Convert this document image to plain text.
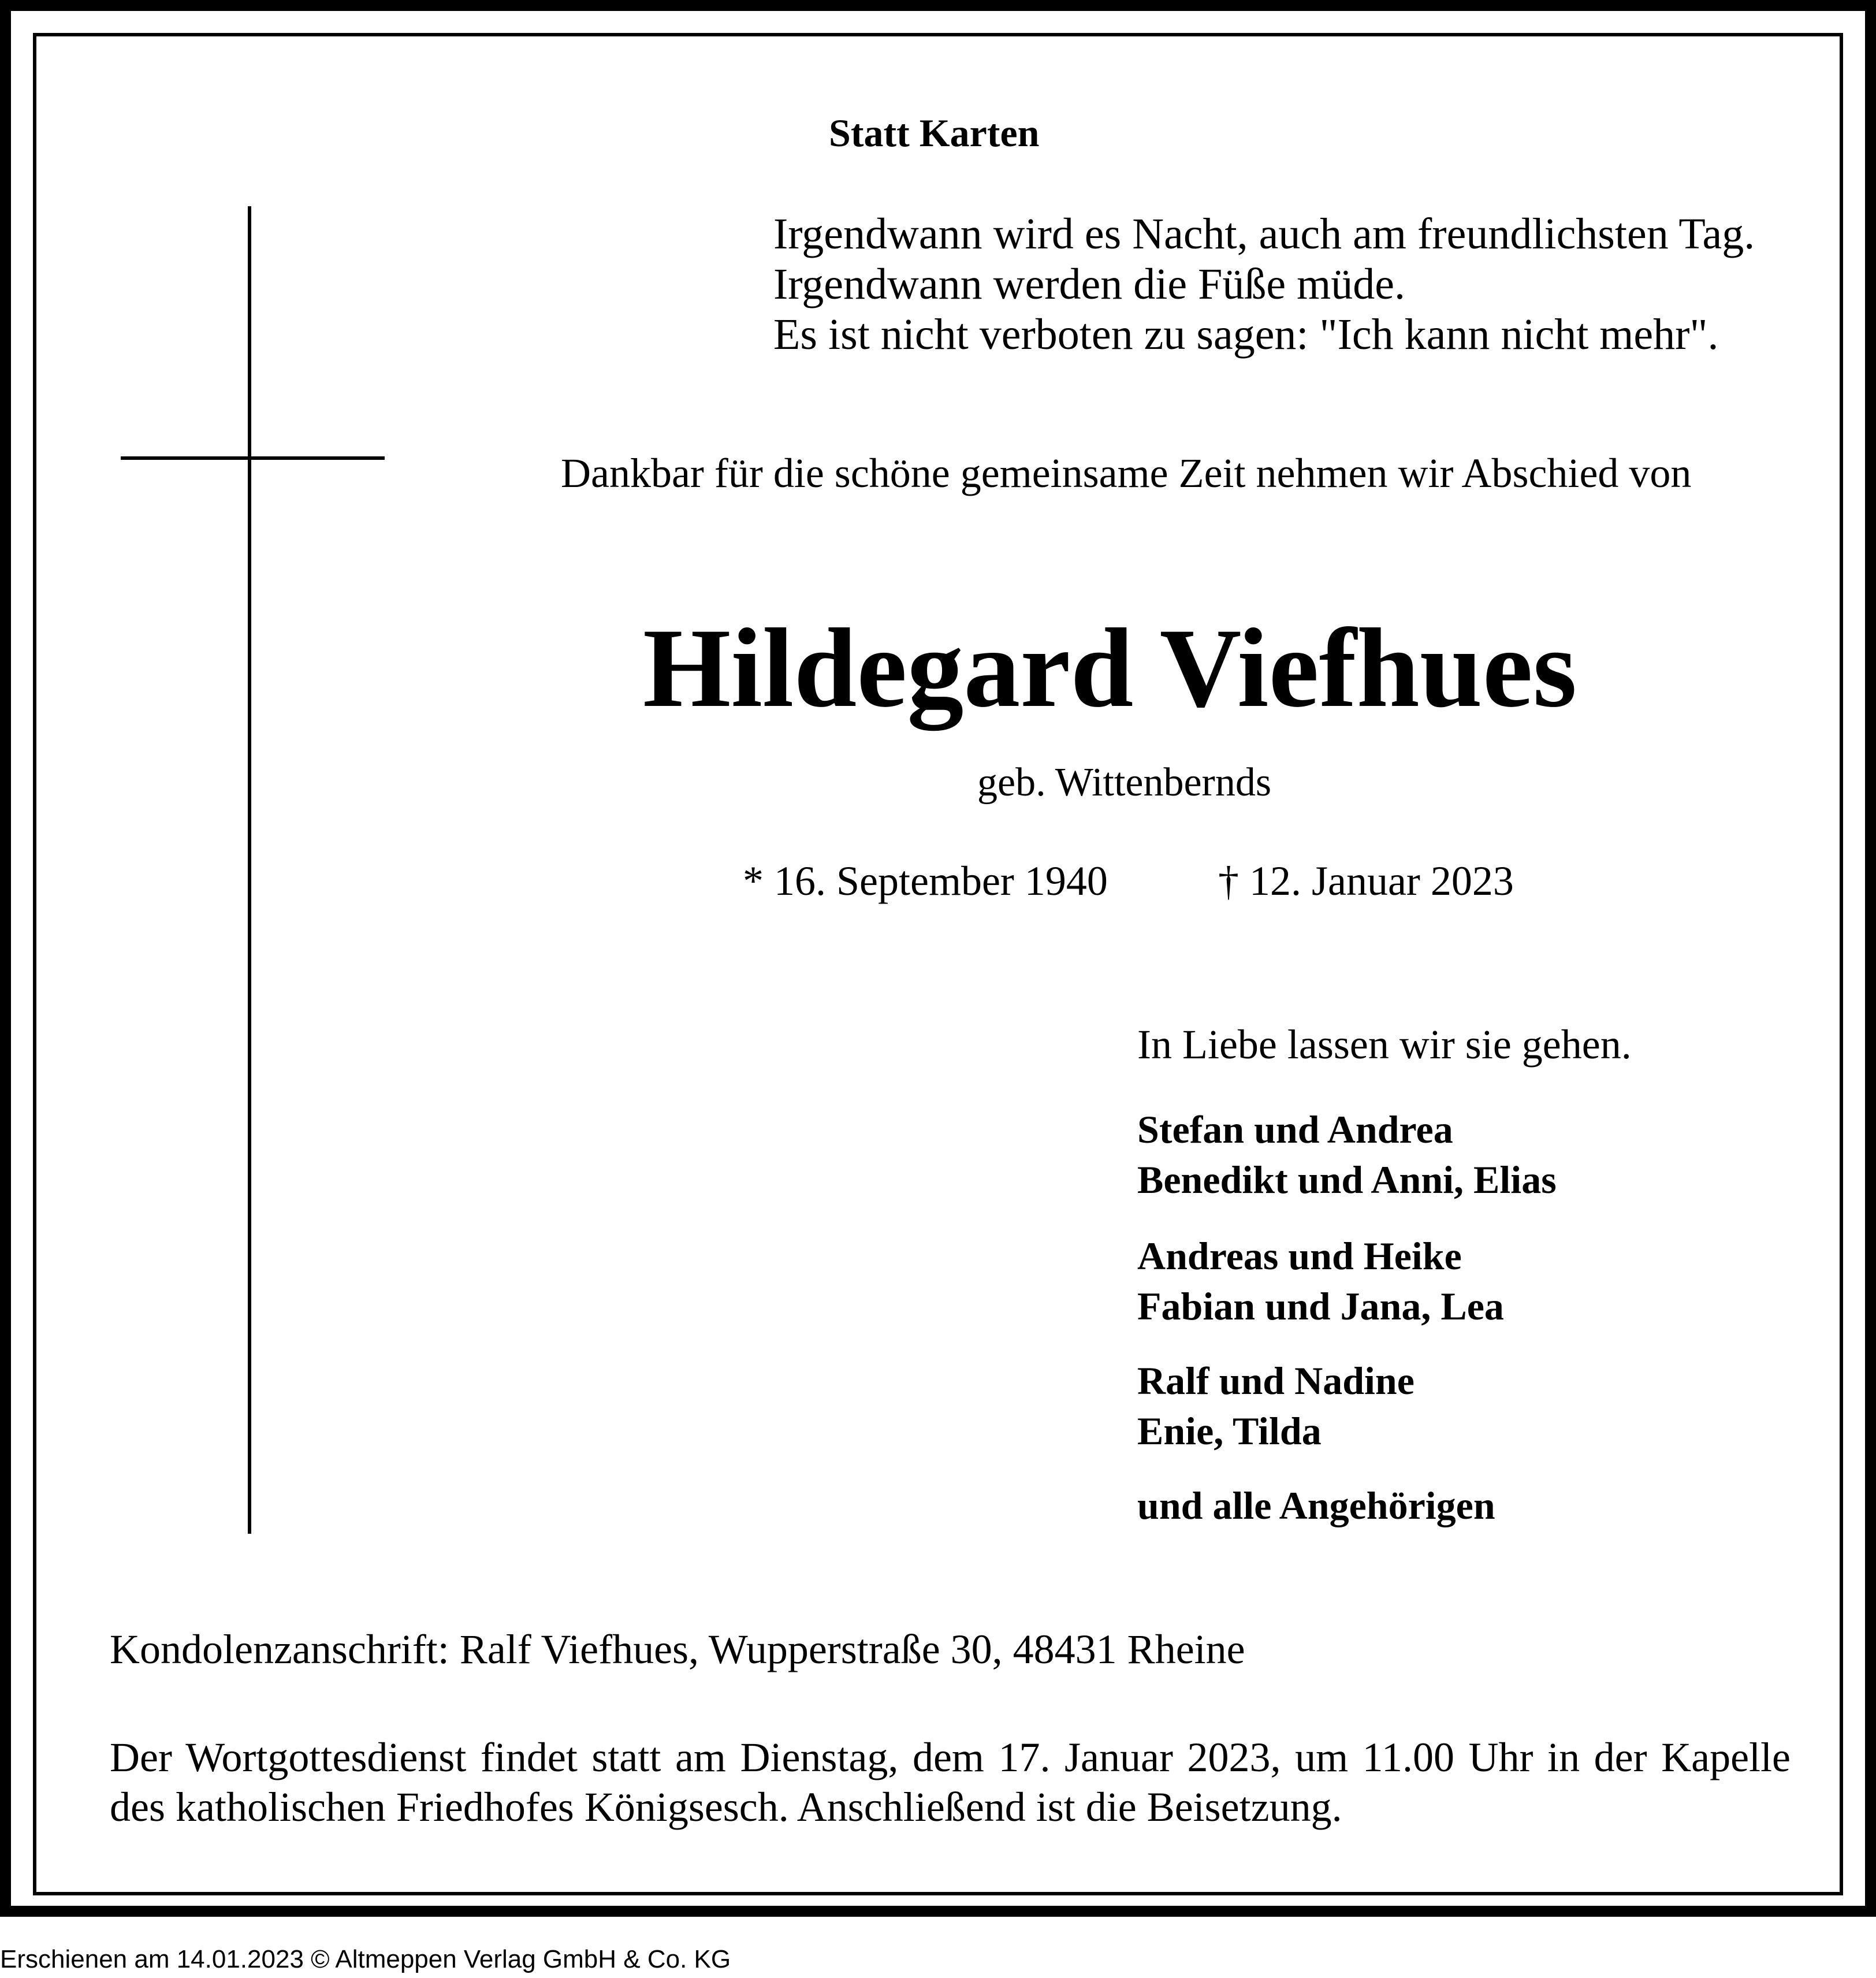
Statt Karten
Irgendwann wird es Nacht, auch am freundlichsten Tag.
Irgendwann werden die Füße müde.
Es ist nicht verboten zu sagen: "Ich kann nicht mehr".
Dankbar für die schöne gemeinsame Zeit nehmen wir Abschied von
Hildegard Viefhues
geb. Wittenbernds
* 16. September 1940	† 12. Januar 2023
In Liebe lassen wir sie gehen.
Stefan und Andrea
Benedikt und Anni, Elias
Andreas und Heike
Fabian und Jana, Lea
Ralf und Nadine
Enie, Tilda
und alle Angehörigen
Kondolenzanschrift: Ralf Viefhues, Wupperstraße 30, 48431 Rheine
Der Wortgottesdienst findet statt am Dienstag, dem 17. Januar 2023, um 11.00 Uhr in der Kapelle des katholischen Friedhofes Königsesch. Anschließend ist die Beisetzung.
Erschienen am 14.01.2023 © Altmeppen Verlag GmbH & Co. KG
